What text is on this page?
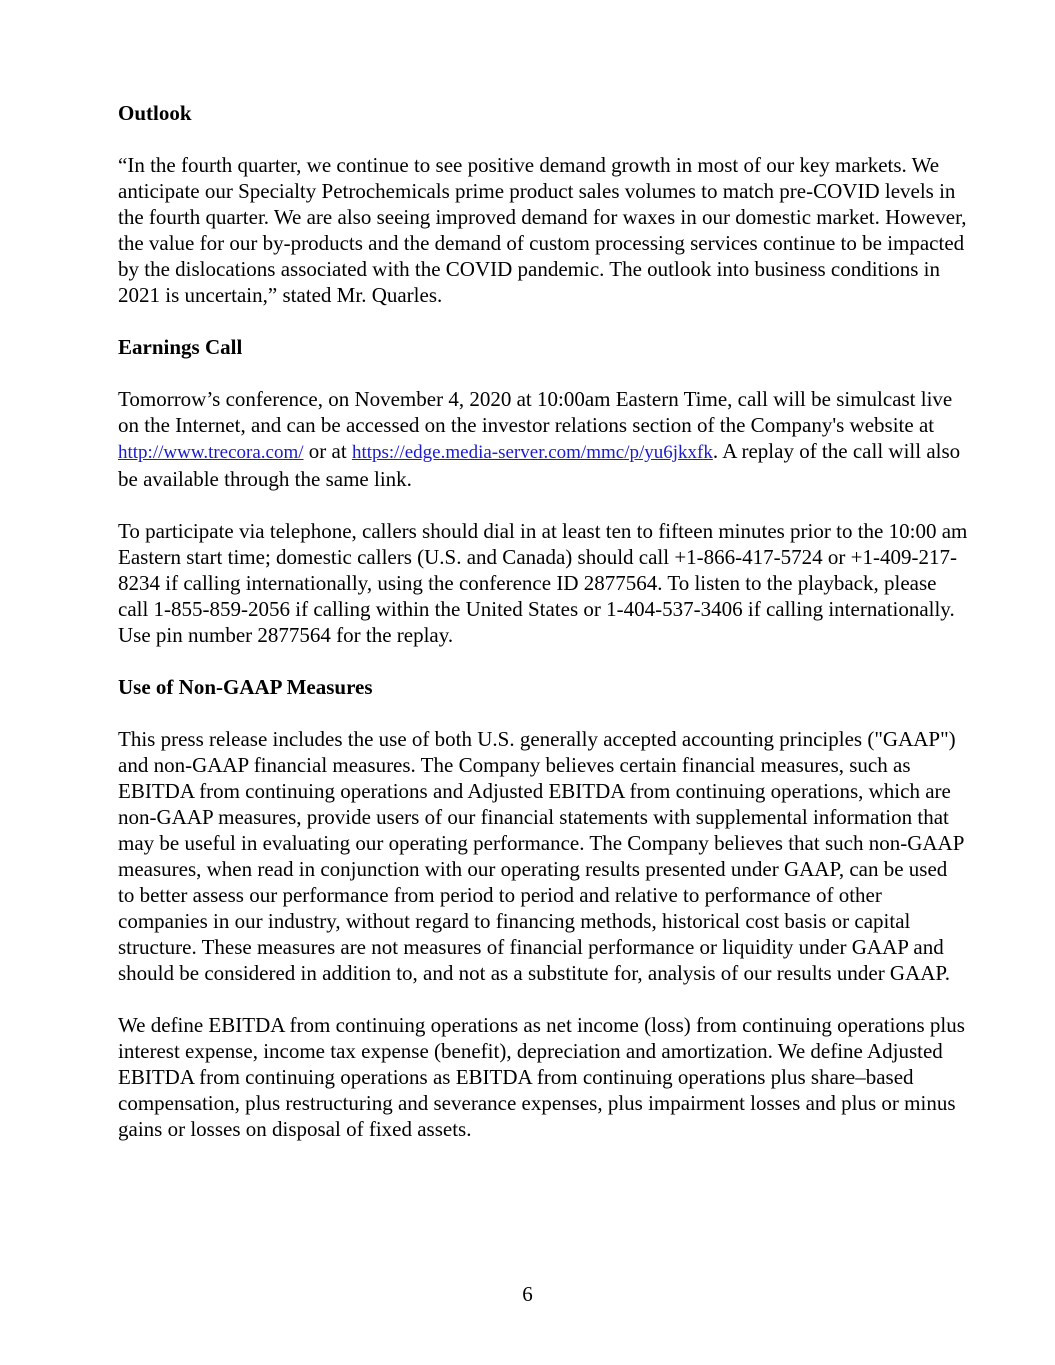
Outlook
“In the fourth quarter, we continue to see positive demand growth in most of our key markets. We anticipate our Specialty Petrochemicals prime product sales volumes to match pre-COVID levels in the fourth quarter. We are also seeing improved demand for waxes in our domestic market. However, the value for our by-products and the demand of custom processing services continue to be impacted by the dislocations associated with the COVID pandemic. The outlook into business conditions in 2021 is uncertain,” stated Mr. Quarles.
Earnings Call
Tomorrow’s conference, on November 4, 2020 at 10:00am Eastern Time, call will be simulcast live on the Internet, and can be accessed on the investor relations section of the Company's website at http://www.trecora.com/ or at https://edge.media-server.com/mmc/p/yu6jkxfk. A replay of the call will also be available through the same link.
To participate via telephone, callers should dial in at least ten to fifteen minutes prior to the 10:00 am Eastern start time; domestic callers (U.S. and Canada) should call +1-866-417-5724 or +1-409-217-8234 if calling internationally, using the conference ID 2877564. To listen to the playback, please call 1-855-859-2056 if calling within the United States or 1-404-537-3406 if calling internationally. Use pin number 2877564 for the replay.
Use of Non-GAAP Measures
This press release includes the use of both U.S. generally accepted accounting principles ("GAAP") and non-GAAP financial measures. The Company believes certain financial measures, such as EBITDA from continuing operations and Adjusted EBITDA from continuing operations, which are non-GAAP measures, provide users of our financial statements with supplemental information that may be useful in evaluating our operating performance. The Company believes that such non-GAAP measures, when read in conjunction with our operating results presented under GAAP, can be used to better assess our performance from period to period and relative to performance of other companies in our industry, without regard to financing methods, historical cost basis or capital structure. These measures are not measures of financial performance or liquidity under GAAP and should be considered in addition to, and not as a substitute for, analysis of our results under GAAP.
We define EBITDA from continuing operations as net income (loss) from continuing operations plus interest expense, income tax expense (benefit), depreciation and amortization. We define Adjusted EBITDA from continuing operations as EBITDA from continuing operations plus share–based compensation, plus restructuring and severance expenses, plus impairment losses and plus or minus gains or losses on disposal of fixed assets.
6
